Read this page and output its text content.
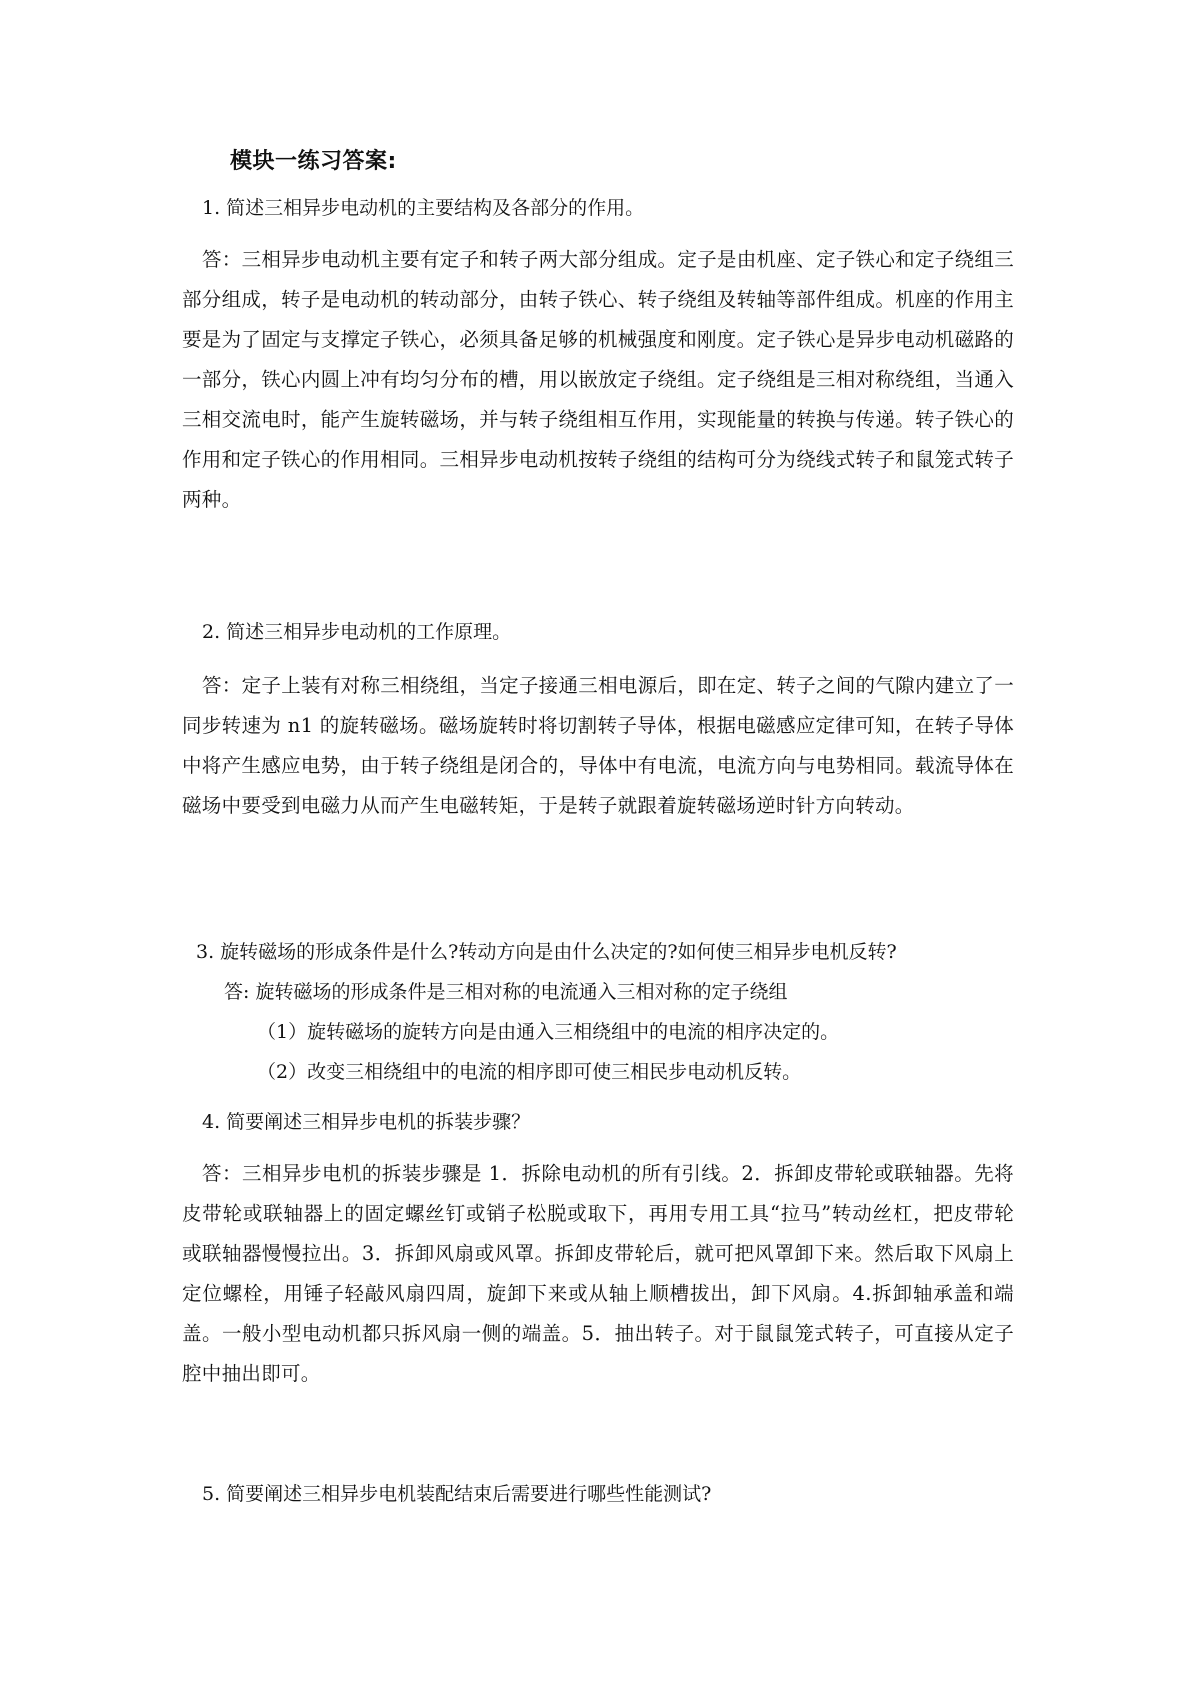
模块一练习答案:
1. 简述三相异步电动机的主要结构及各部分的作用。
答：三相异步电动机主要有定子和转子两大部分组成。定子是由机座、定子铁心和定子绕组三部分组成，转子是电动机的转动部分，由转子铁心、转子绕组及转轴等部件组成。机座的作用主要是为了固定与支撑定子铁心，必须具备足够的机械强度和刚度。定子铁心是异步电动机磁路的一部分，铁心内圆上冲有均匀分布的槽，用以嵌放定子绕组。定子绕组是三相对称绕组，当通入三相交流电时，能产生旋转磁场，并与转子绕组相互作用，实现能量的转换与传递。转子铁心的作用和定子铁心的作用相同。三相异步电动机按转子绕组的结构可分为绕线式转子和鼠笼式转子两种。
2. 简述三相异步电动机的工作原理。
答：定子上装有对称三相绕组，当定子接通三相电源后，即在定、转子之间的气隙内建立了一同步转速为 n1 的旋转磁场。磁场旋转时将切割转子导体，根据电磁感应定律可知，在转子导体中将产生感应电势，由于转子绕组是闭合的，导体中有电流，电流方向与电势相同。载流导体在磁场中要受到电磁力从而产生电磁转矩，于是转子就跟着旋转磁场逆时针方向转动。
3. 旋转磁场的形成条件是什么?转动方向是由什么决定的?如何使三相异步电机反转?
答: 旋转磁场的形成条件是三相对称的电流通入三相对称的定子绕组
（1）旋转磁场的旋转方向是由通入三相绕组中的电流的相序决定的。
（2）改变三相绕组中的电流的相序即可使三相民步电动机反转。
4. 简要阐述三相异步电机的拆装步骤？
答：三相异步电机的拆装步骤是 1．拆除电动机的所有引线。2．拆卸皮带轮或联轴器。先将皮带轮或联轴器上的固定螺丝钉或销子松脱或取下，再用专用工具“拉马”转动丝杠，把皮带轮或联轴器慢慢拉出。3．拆卸风扇或风罩。拆卸皮带轮后，就可把风罩卸下来。然后取下风扇上定位螺栓，用锤子轻敲风扇四周，旋卸下来或从轴上顺槽拔出，卸下风扇。4.拆卸轴承盖和端盖。一般小型电动机都只拆风扇一侧的端盖。5．抽出转子。对于鼠鼠笼式转子，可直接从定子腔中抽出即可。
5. 简要阐述三相异步电机装配结束后需要进行哪些性能测试?
